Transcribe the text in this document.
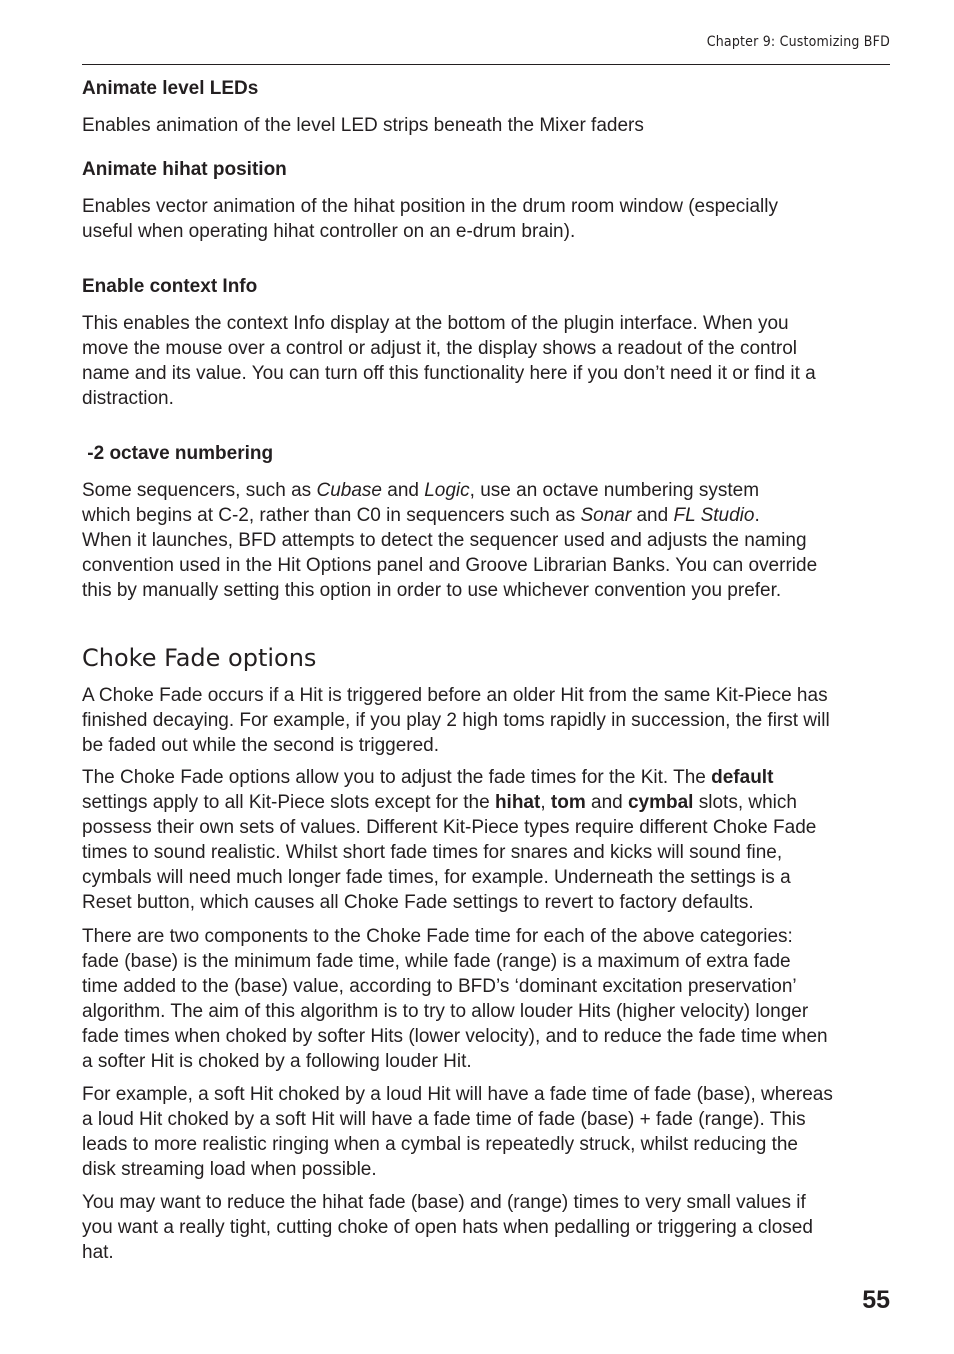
Chapter 9: Customizing BFD
Animate level LEDs
Enables animation of the level LED strips beneath the Mixer faders
Animate hihat position
Enables vector animation of the hihat position in the drum room window (especially
useful when operating hihat controller on an e-drum brain).
Enable context Info
This enables the context Info display at the bottom of the plugin interface. When you
move the mouse over a control or adjust it, the display shows a readout of the control
name and its value. You can turn off this functionality here if you don’t need it or find it a
distraction.
-2 octave numbering
Some sequencers, such as Cubase and Logic, use an octave numbering system
which begins at C-2, rather than C0 in sequencers such as Sonar and FL Studio.
When it launches, BFD attempts to detect the sequencer used and adjusts the naming
convention used in the Hit Options panel and Groove Librarian Banks. You can override
this by manually setting this option in order to use whichever convention you prefer.
Choke Fade options
A Choke Fade occurs if a Hit is triggered before an older Hit from the same Kit-Piece has
finished decaying. For example, if you play 2 high toms rapidly in succession, the first will
be faded out while the second is triggered.
The Choke Fade options allow you to adjust the fade times for the Kit. The default
settings apply to all Kit-Piece slots except for the hihat, tom and cymbal slots, which
possess their own sets of values. Different Kit-Piece types require different Choke Fade
times to sound realistic. Whilst short fade times for snares and kicks will sound fine,
cymbals will need much longer fade times, for example. Underneath the settings is a
Reset button, which causes all Choke Fade settings to revert to factory defaults.
There are two components to the Choke Fade time for each of the above categories:
fade (base) is the minimum fade time, while fade (range) is a maximum of extra fade
time added to the (base) value, according to BFD’s ‘dominant excitation preservation’
algorithm. The aim of this algorithm is to try to allow louder Hits (higher velocity) longer
fade times when choked by softer Hits (lower velocity), and to reduce the fade time when
a softer Hit is choked by a following louder Hit.
For example, a soft Hit choked by a loud Hit will have a fade time of fade (base), whereas
a loud Hit choked by a soft Hit will have a fade time of fade (base) + fade (range). This
leads to more realistic ringing when a cymbal is repeatedly struck, whilst reducing the
disk streaming load when possible.
You may want to reduce the hihat fade (base) and (range) times to very small values if
you want a really tight, cutting choke of open hats when pedalling or triggering a closed
hat.
55
